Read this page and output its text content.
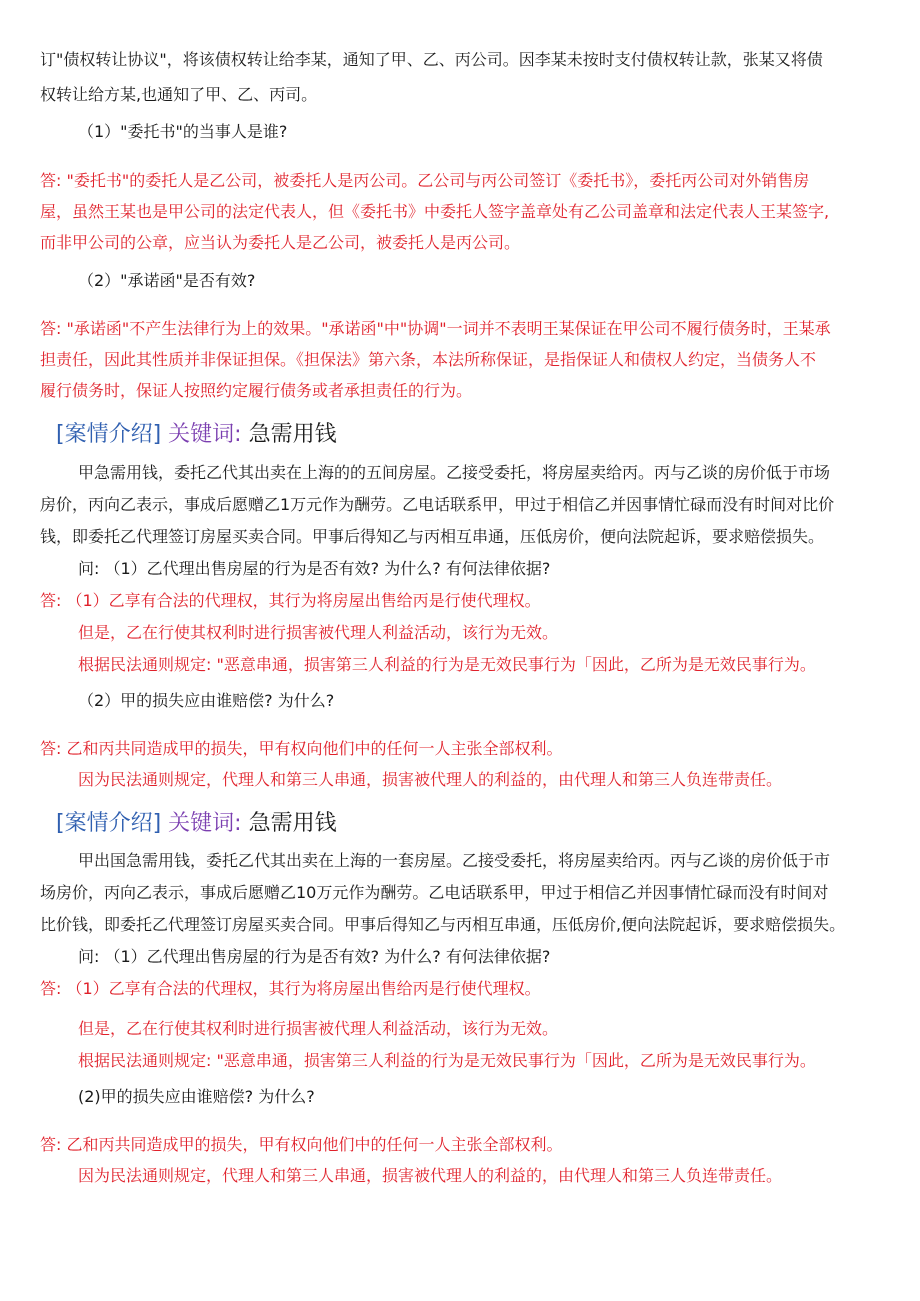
订"债权转让协议"，将该债权转让给李某，通知了甲、乙、丙公司。因李某未按时支付债权转让款，张某又将债
权转让给方某,也通知了甲、乙、丙司。
（1）"委托书"的当事人是谁?
答: "委托书"的委托人是乙公司，被委托人是丙公司。乙公司与丙公司签订《委托书》，委托丙公司对外销售房
屋，虽然王某也是甲公司的法定代表人，但《委托书》中委托人签字盖章处有乙公司盖章和法定代表人王某签字,
而非甲公司的公章，应当认为委托人是乙公司，被委托人是丙公司。
（2）"承诺函"是否有效?
答: "承诺函"不产生法律行为上的效果。"承诺函"中"协调"一词并不表明王某保证在甲公司不履行债务时，王某承
担责任，因此其性质并非保证担保。《担保法》第六条，本法所称保证，是指保证人和债权人约定，当债务人不
履行债务时，保证人按照约定履行债务或者承担责任的行为。
[案情介绍] 关键词: 急需用钱
甲急需用钱，委托乙代其出卖在上海的的五间房屋。乙接受委托，将房屋卖给丙。丙与乙谈的房价低于市场
房价，丙向乙表示，事成后愿赠乙1万元作为酬劳。乙电话联系甲，甲过于相信乙并因事情忙碌而没有时间对比价
钱，即委托乙代理签订房屋买卖合同。甲事后得知乙与丙相互串通，压低房价，便向法院起诉，要求赔偿损失。
问: （1）乙代理出售房屋的行为是否有效? 为什么? 有何法律依据?
答: （1）乙享有合法的代理权，其行为将房屋出售给丙是行使代理权。
但是，乙在行使其权利时进行损害被代理人利益活动，该行为无效。
根据民法通则规定: "恶意串通，损害第三人利益的行为是无效民事行为「因此，乙所为是无效民事行为。
（2）甲的损失应由谁赔偿? 为什么?
答: 乙和丙共同造成甲的损失，甲有权向他们中的任何一人主张全部权利。
因为民法通则规定，代理人和第三人串通，损害被代理人的利益的，由代理人和第三人负连带责任。
[案情介绍] 关键词: 急需用钱
甲出国急需用钱，委托乙代其出卖在上海的一套房屋。乙接受委托，将房屋卖给丙。丙与乙谈的房价低于市
场房价，丙向乙表示，事成后愿赠乙10万元作为酬劳。乙电话联系甲，甲过于相信乙并因事情忙碌而没有时间对
比价钱，即委托乙代理签订房屋买卖合同。甲事后得知乙与丙相互串通，压低房价,便向法院起诉，要求赔偿损失。
问: （1）乙代理出售房屋的行为是否有效? 为什么? 有何法律依据?
答: （1）乙享有合法的代理权，其行为将房屋出售给丙是行使代理权。
但是，乙在行使其权利时进行损害被代理人利益活动，该行为无效。
根据民法通则规定: "恶意串通，损害第三人利益的行为是无效民事行为「因此，乙所为是无效民事行为。
(2)甲的损失应由谁赔偿? 为什么?
答: 乙和丙共同造成甲的损失，甲有权向他们中的任何一人主张全部权利。
因为民法通则规定，代理人和第三人串通，损害被代理人的利益的，由代理人和第三人负连带责任。
